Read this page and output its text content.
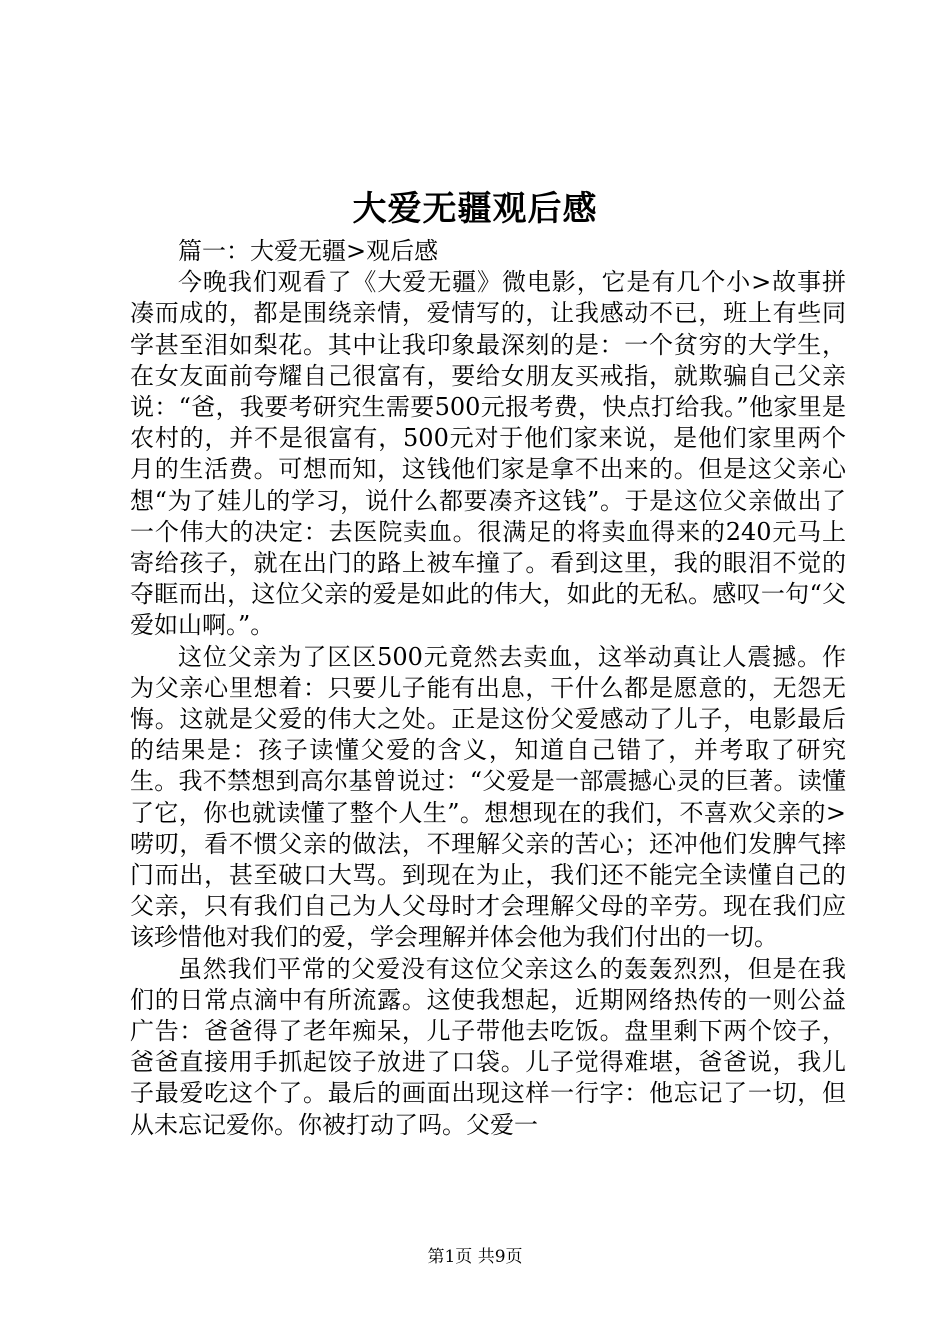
大爱无疆观后感

篇一：大爱无疆>观后感

今晚我们观看了《大爱无疆》微电影，它是有几个小>故事拼凑而成的，都是围绕亲情，爱情写的，让我感动不已，班上有些同学甚至泪如梨花。其中让我印象最深刻的是：一个贫穷的大学生，在女友面前夸耀自己很富有，要给女朋友买戒指，就欺骗自己父亲说：“爸，我要考研究生需要500元报考费，快点打给我。”他家里是农村的，并不是很富有，500元对于他们家来说，是他们家里两个月的生活费。可想而知，这钱他们家是拿不出来的。但是这父亲心想“为了娃儿的学习，说什么都要凑齐这钱”。于是这位父亲做出了一个伟大的决定：去医院卖血。很满足的将卖血得来的240元马上寄给孩子，就在出门的路上被车撞了。看到这里，我的眼泪不觉的夺眶而出，这位父亲的爱是如此的伟大，如此的无私。感叹一句“父爱如山啊。”。

这位父亲为了区区500元竟然去卖血，这举动真让人震撼。作为父亲心里想着：只要儿子能有出息，干什么都是愿意的，无怨无悔。这就是父爱的伟大之处。正是这份父爱感动了儿子，电影最后的结果是：孩子读懂父爱的含义，知道自己错了，并考取了研究生。我不禁想到高尔基曾说过：“父爱是一部震撼心灵的巨著。读懂了它，你也就读懂了整个人生”。想想现在的我们，不喜欢父亲的>唠叨，看不惯父亲的做法，不理解父亲的苦心；还冲他们发脾气摔门而出，甚至破口大骂。到现在为止，我们还不能完全读懂自己的父亲，只有我们自己为人父母时才会理解父母的辛劳。现在我们应该珍惜他对我们的爱，学会理解并体会他为我们付出的一切。

虽然我们平常的父爱没有这位父亲这么的轰轰烈烈，但是在我们的日常点滴中有所流露。这使我想起，近期网络热传的一则公益广告：爸爸得了老年痴呆，儿子带他去吃饭。盘里剩下两个饺子，爸爸直接用手抓起饺子放进了口袋。儿子觉得难堪，爸爸说，我儿子最爱吃这个了。最后的画面出现这样一行字：他忘记了一切，但从未忘记爱你。你被打动了吗。父爱一

第1页 共9页
